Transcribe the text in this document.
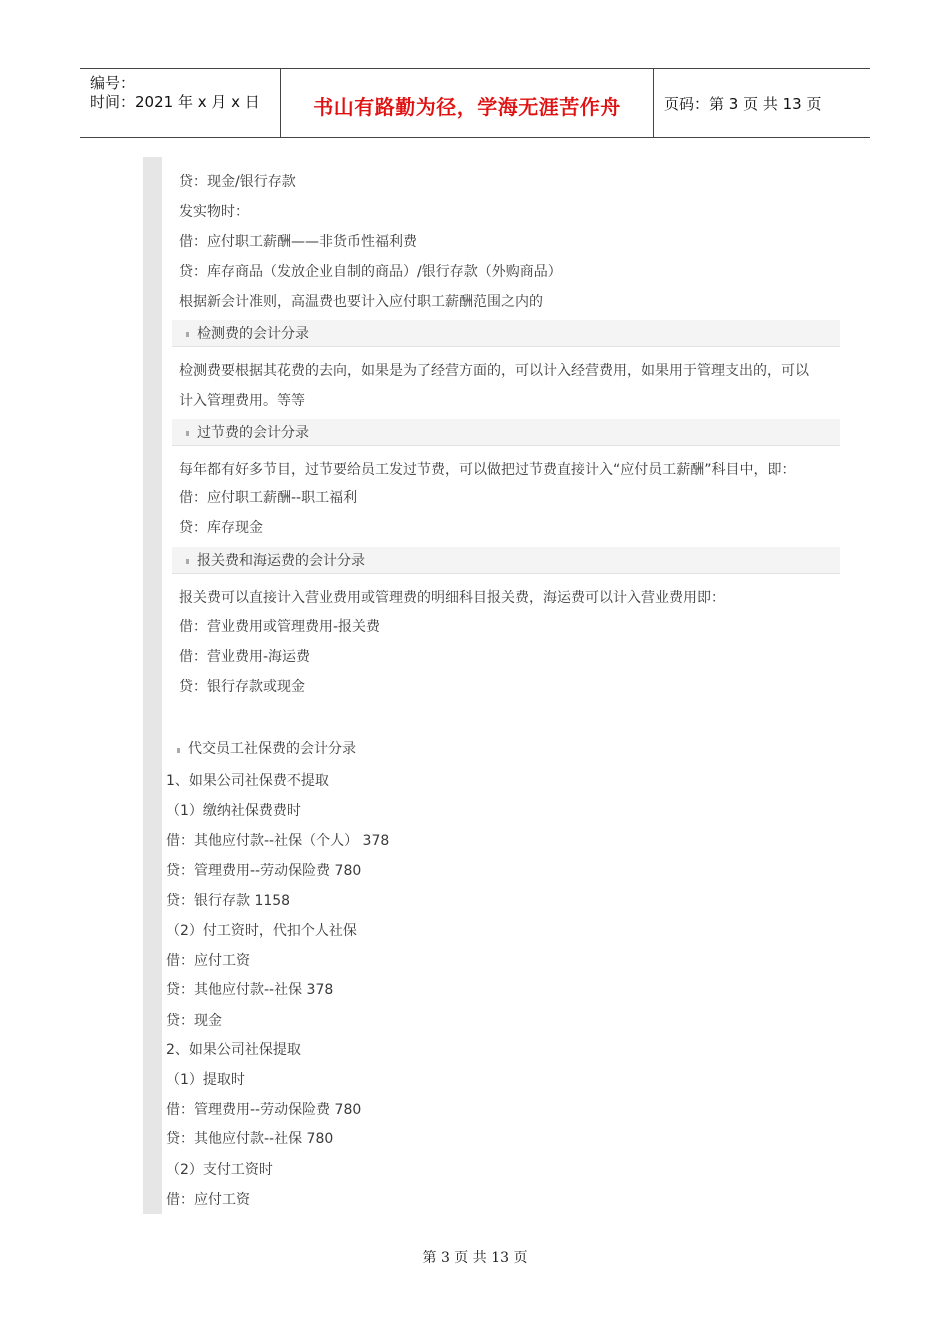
编号：
时间：2021 年 x 月 x 日	书山有路勤为径，学海无涯苦作舟	页码：第 3 页 共 13 页
贷：现金/银行存款
发实物时：
借：应付职工薪酬——非货币性福利费
贷：库存商品（发放企业自制的商品）/银行存款（外购商品）
根据新会计准则，高温费也要计入应付职工薪酬范围之内的
检测费的会计分录
检测费要根据其花费的去向，如果是为了经营方面的，可以计入经营费用，如果用于管理支出的，可以
计入管理费用。等等
过节费的会计分录
每年都有好多节目，过节要给员工发过节费，可以做把过节费直接计入“应付员工薪酬”科目中，即：
借：应付职工薪酬--职工福利
贷：库存现金
报关费和海运费的会计分录
报关费可以直接计入营业费用或管理费的明细科目报关费，海运费可以计入营业费用即：
借：营业费用或管理费用-报关费
借：营业费用-海运费
贷：银行存款或现金
代交员工社保费的会计分录
1、如果公司社保费不提取
（1）缴纳社保费费时
借：其他应付款--社保（个人） 378
贷：管理费用--劳动保险费 780
贷：银行存款 1158
（2）付工资时，代扣个人社保
借：应付工资
贷：其他应付款--社保 378
贷：现金
2、如果公司社保提取
（1）提取时
借：管理费用--劳动保险费 780
贷：其他应付款--社保 780
（2）支付工资时
借：应付工资
第 3 页 共 13 页
